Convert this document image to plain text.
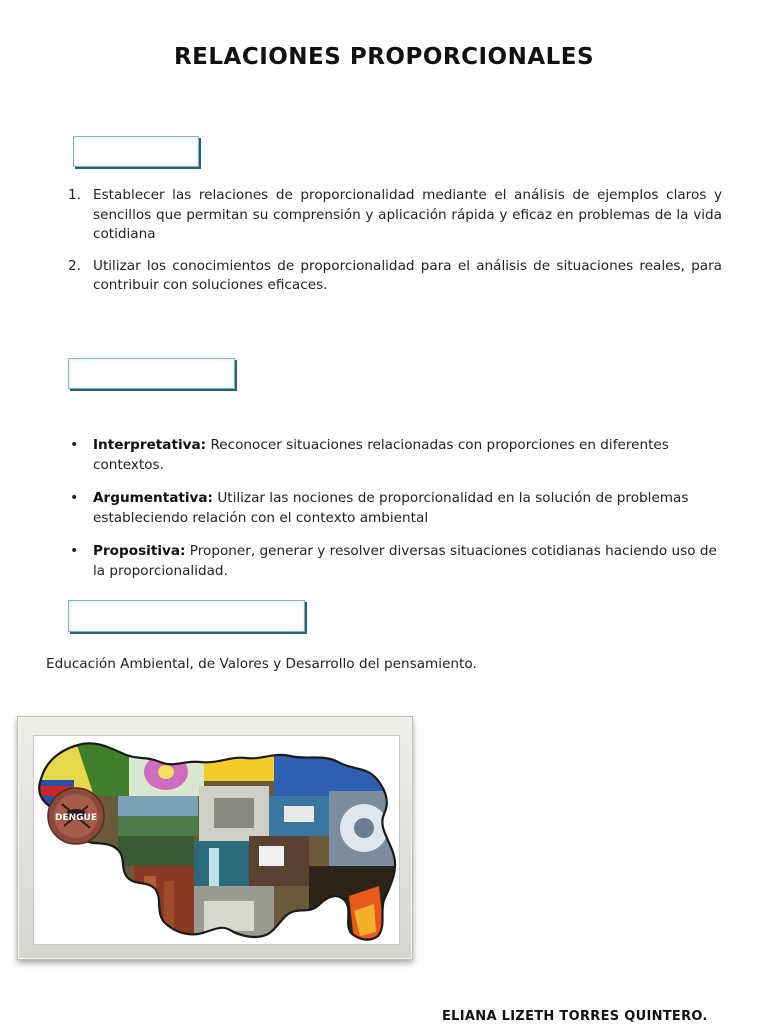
RELACIONES PROPORCIONALES
1. Establecer las relaciones de proporcionalidad mediante el análisis de ejemplos claros y sencillos que permitan su comprensión y aplicación rápida y eficaz en problemas de la vida cotidiana
2. Utilizar los conocimientos de proporcionalidad para el análisis de situaciones reales, para contribuir con soluciones eficaces.
• Interpretativa: Reconocer situaciones relacionadas con proporciones en diferentes contextos.
• Argumentativa: Utilizar las nociones de proporcionalidad en la solución de problemas estableciendo relación con el contexto ambiental
• Propositiva: Proponer, generar y resolver diversas situaciones cotidianas haciendo uso de la proporcionalidad.

Educación Ambiental, de Valores y Desarrollo del pensamiento.

DENGUE

ELIANA LIZETH TORRES QUINTERO.
